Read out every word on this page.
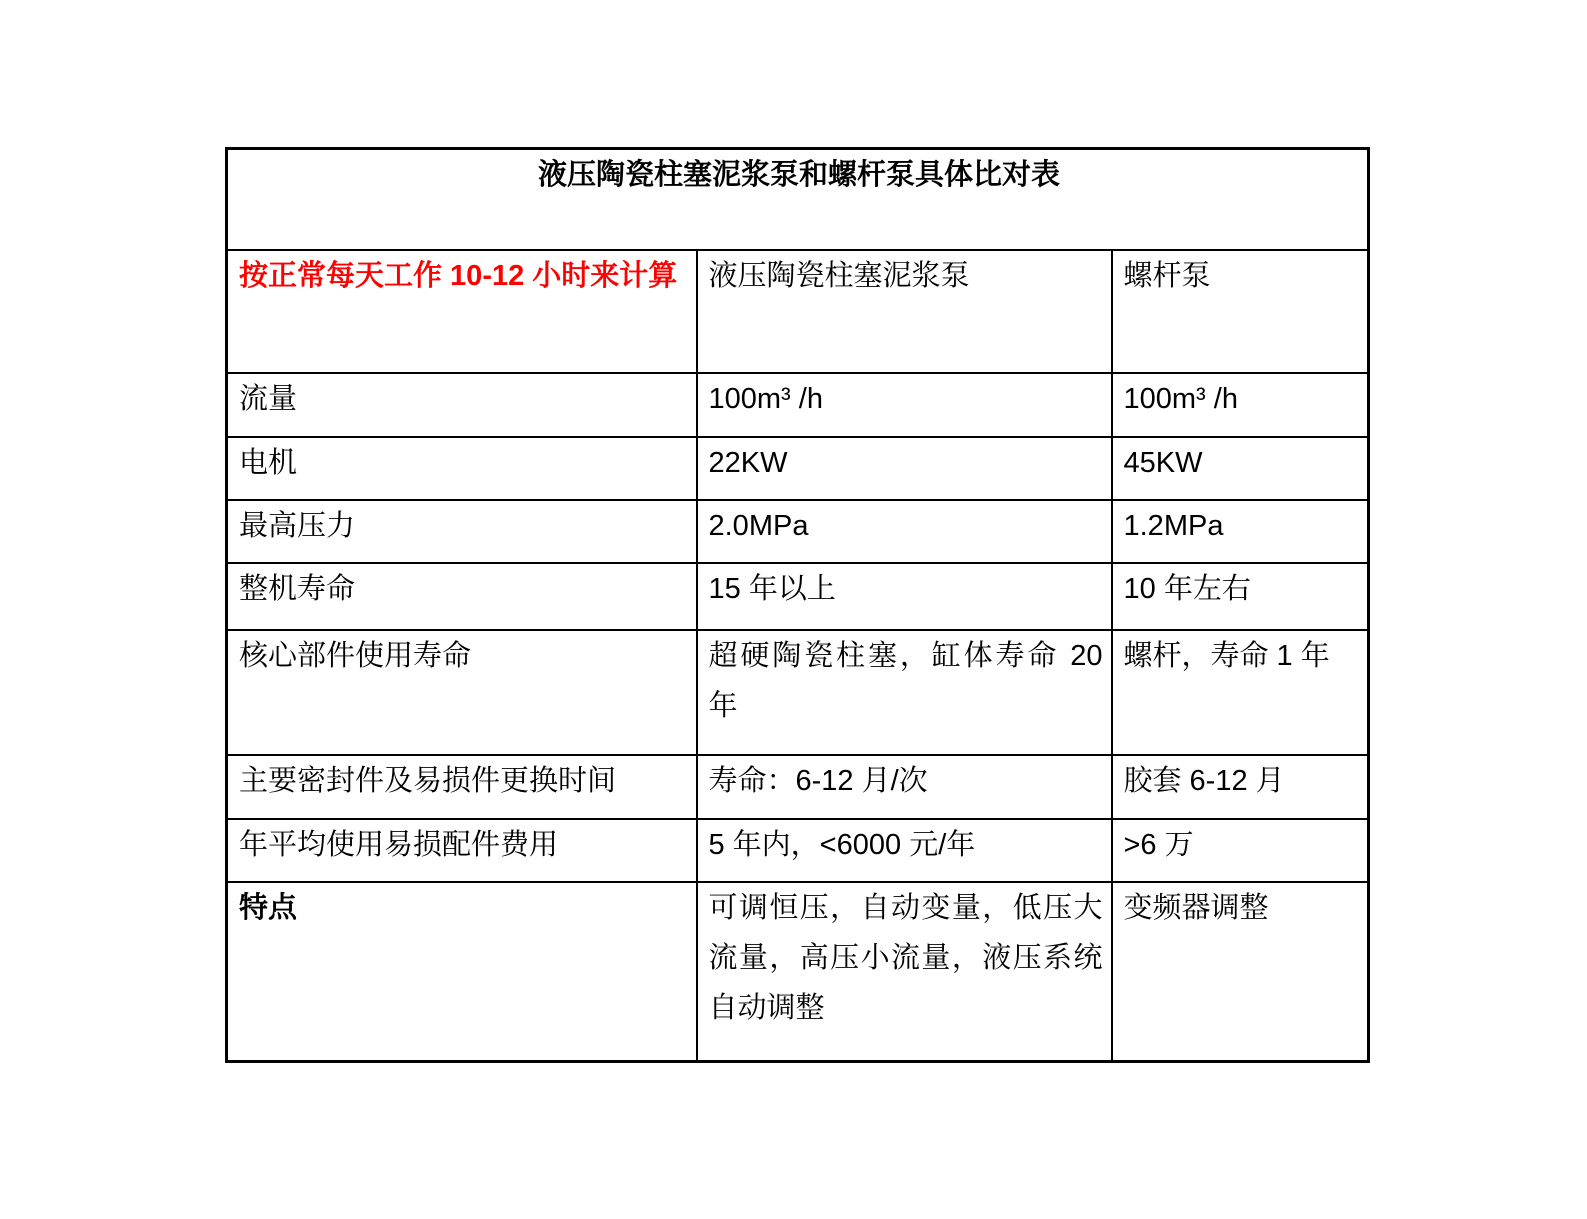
液压陶瓷柱塞泥浆泵和螺杆泵具体比对表		
按正常每天工作 10-12 小时来计算	液压陶瓷柱塞泥浆泵	螺杆泵
流量	100m³ /h	100m³ /h
电机	22KW	45KW
最高压力	2.0MPa	1.2MPa
整机寿命	15 年以上	10 年左右
核心部件使用寿命	超硬陶瓷柱塞，缸体寿命 20 年	螺杆，寿命 1 年
主要密封件及易损件更换时间	寿命：6-12 月/次	胶套 6-12 月
年平均使用易损配件费用	5 年内，<6000 元/年	>6 万
特点	可调恒压，自动变量，低压大流量，高压小流量，液压系统自动调整	变频器调整
